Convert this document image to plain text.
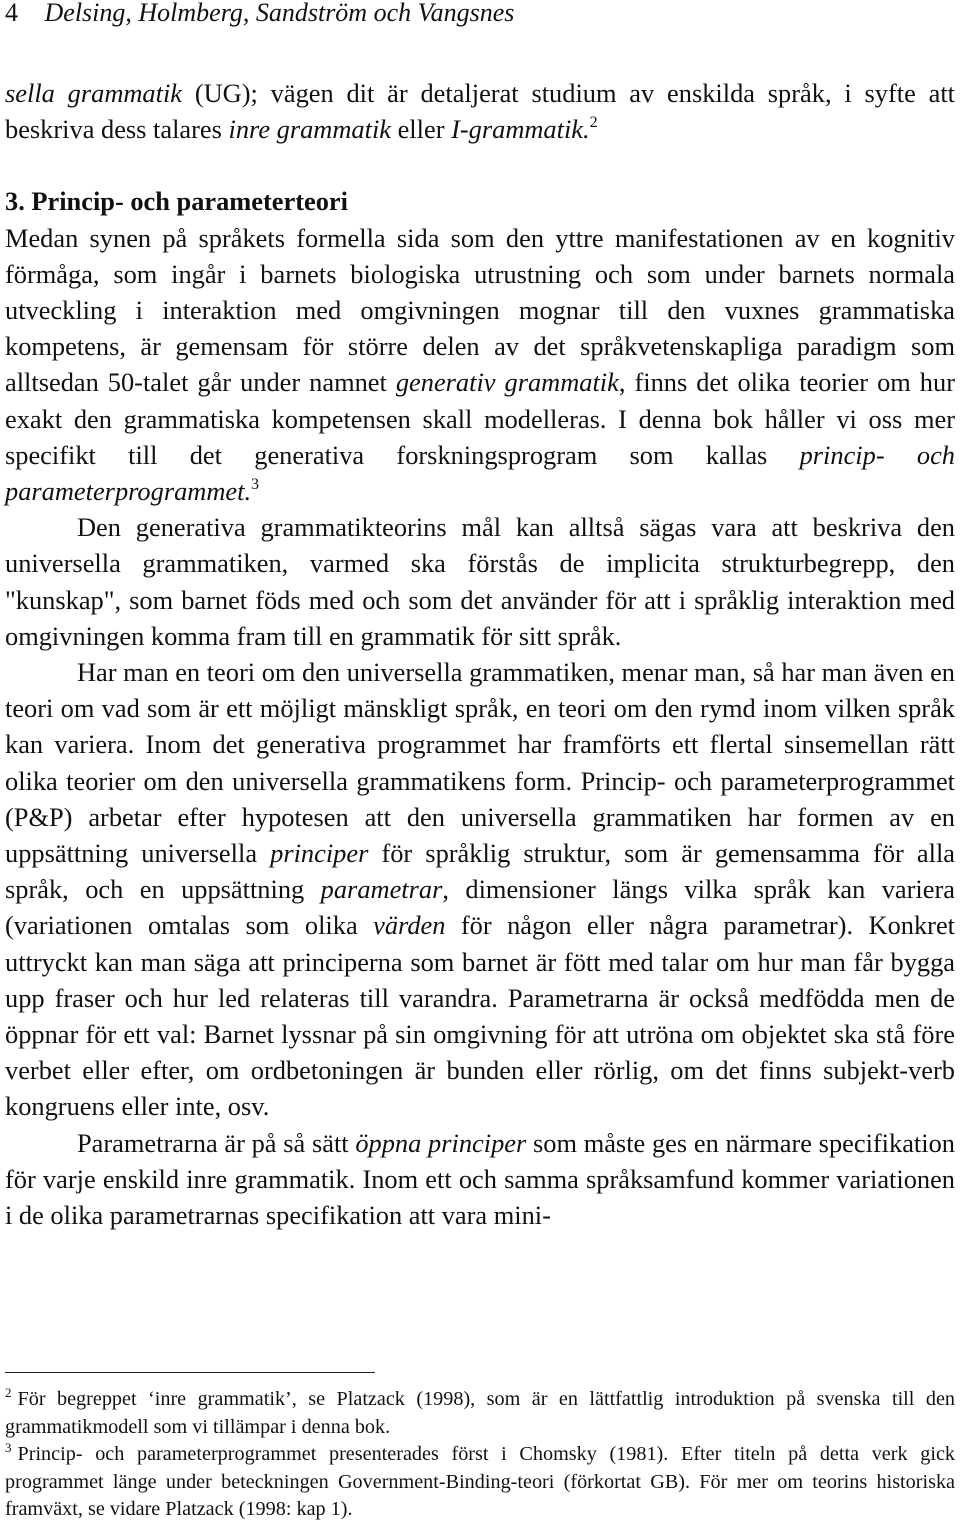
4 Delsing, Holmberg, Sandström och Vangsnes

sella grammatik (UG); vägen dit är detaljerat studium av enskilda språk, i syfte att beskriva dess talares inre grammatik eller I-grammatik.$^2$

3. Princip- och parameterteori

Medan synen på språkets formella sida som den yttre manifestationen av en kognitiv förmåga, som ingår i barnets biologiska utrustning och som under barnets normala utveckling i interaktion med omgivningen mognar till den vuxnes grammatiska kompetens, är gemensam för större delen av det språkvetenskapliga paradigm som alltsedan 50-talet går under namnet generativ grammatik, finns det olika teorier om hur exakt den grammatiska kompetensen skall modelleras. I denna bok håller vi oss mer specifikt till det generativa forskningsprogram som kallas princip- och parameterprogrammet.$^3$

Den generativa grammatikteorins mål kan alltså sägas vara att beskriva den universella grammatiken, varmed ska förstås de implicita strukturbegrepp, den "kunskap", som barnet föds med och som det använder för att i språklig interaktion med omgivningen komma fram till en grammatik för sitt språk.

Har man en teori om den universella grammatiken, menar man, så har man även en teori om vad som är ett möjligt mänskligt språk, en teori om den rymd inom vilken språk kan variera. Inom det generativa programmet har framförts ett flertal sinsemellan rätt olika teorier om den universella grammatikens form. Princip- och parameterprogrammet (P&P) arbetar efter hypotesen att den universella grammatiken har formen av en uppsättning universella principer för språklig struktur, som är gemensamma för alla språk, och en uppsättning parametrar, dimensioner längs vilka språk kan variera (variationen omtalas som olika värden för någon eller några parametrar). Konkret uttryckt kan man säga att principerna som barnet är fött med talar om hur man får bygga upp fraser och hur led relateras till varandra. Parametrarna är också medfödda men de öppnar för ett val: Barnet lyssnar på sin omgivning för att utröna om objektet ska stå före verbet eller efter, om ordbetoningen är bunden eller rörlig, om det finns subjekt-verb kongruens eller inte, osv.

Parametrarna är på så sätt öppna principer som måste ges en närmare specifikation för varje enskild inre grammatik. Inom ett och samma språksamfund kommer variationen i de olika parametrarnas specifikation att vara mini-

$^2$ För begreppet ‘inre grammatik’, se Platzack (1998), som är en lättfattlig introduktion på svenska till den grammatikmodell som vi tillämpar i denna bok.

$^3$ Princip- och parameterprogrammet presenterades först i Chomsky (1981). Efter titeln på detta verk gick programmet länge under beteckningen Government-Binding-teori (förkortat GB). För mer om teorins historiska framväxt, se vidare Platzack (1998: kap 1).
